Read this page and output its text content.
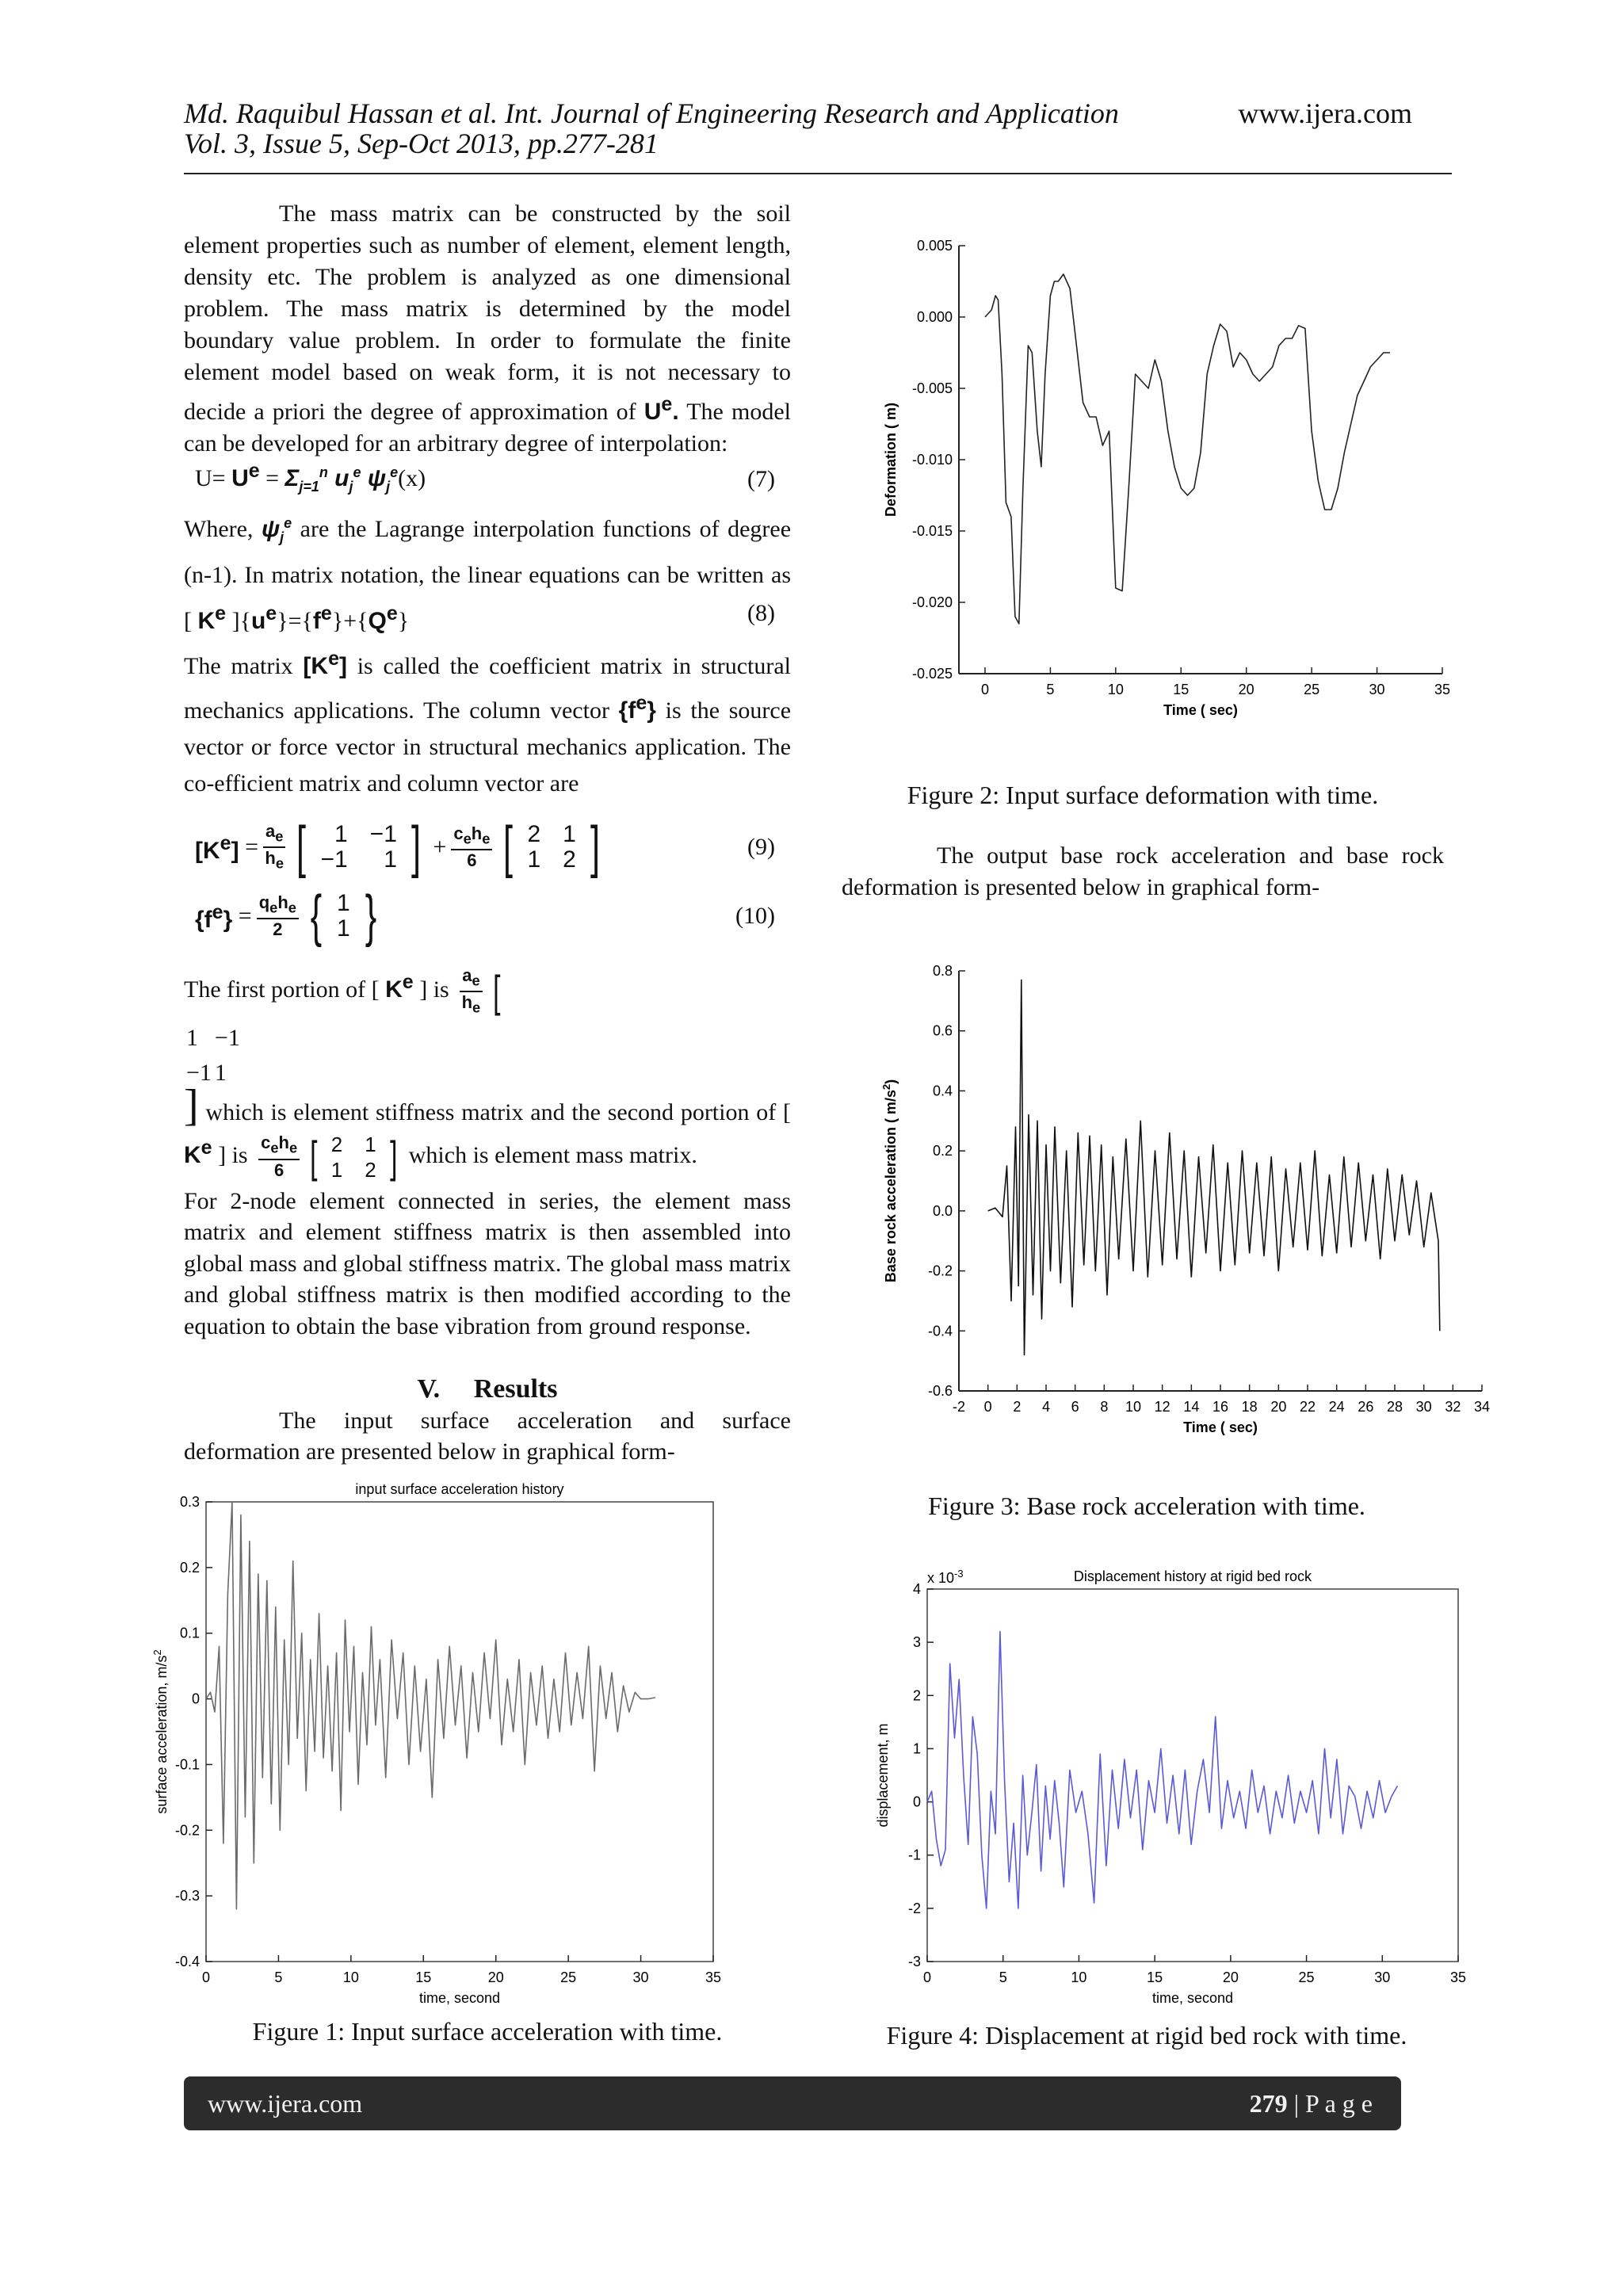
Md. Raquibul Hassan et al. Int. Journal of Engineering Research and Application	www.ijera.com
Vol. 3, Issue 5, Sep-Oct 2013, pp.277-281

The mass matrix can be constructed by the soil element properties such as number of element, element length, density etc. The problem is analyzed as one dimensional problem. The mass matrix is determined by the model boundary value problem. In order to formulate the finite element model based on weak form, it is not necessary to decide a priori the degree of approximation of $U^e$. The model can be developed for an arbitrary degree of interpolation:

$U= U^e = \Sigma_{j=1}^n$ $u_j^e$ $\psi_j^e(x)$	(7)

Where, $\psi_j^e$ are the Lagrange interpolation functions of degree (n-1). In matrix notation, the linear equations can be written as [ $K^e$ ]$\{u^e\}=\{f^e\}+\{Q^e\}$	(8)

The matrix $[K^e]$ is called the coefficient matrix in structural mechanics applications. The column vector $\{f^e\}$ is the source vector or force vector in structural mechanics application. The co-efficient matrix and column vector are

$[K^e] = \frac{a_e}{h_e}$ [ 1	−1
−1	1 ] + $\frac{c_eh_e}{6}$ [ 2	1
1	2 ]	(9)
$\{f^e\} = \frac{q_eh_e}{2}$ { 1
1 }	(10)

The first portion of [ $K^e$ ] is $\frac{a_e}{h_e}$ [

1	−1
−1	1
] which is element stiffness matrix and the second portion of [ $K^e$ ] is $\frac{c_eh_e}{6}$ [ 2	1
1	2 ] which is element mass matrix.

For 2-node element connected in series, the element mass matrix and element stiffness matrix is then assembled into global mass and global stiffness matrix. The global mass matrix and global stiffness matrix is then modified according to the equation to obtain the base vibration from ground response.

V. Results

The input surface acceleration and surface deformation are presented below in graphical form-

The output base rock acceleration and base rock deformation is presented below in graphical form-

0	5	10	15	20	25	30	35
0.3
0.2
0.1
0
-0.1
-0.2
-0.3
-0.4
input surface acceleration history
time, second
surface acceleration, $m/s^2$
Figure 1: Input surface acceleration with time.
0	5	10	15	20	25	30	35
0.005
0.000
-0.005
-0.010
-0.015
-0.020
-0.025
Time ( sec)
Deformation ( m)
Figure 2: Input surface deformation with time.
-2 0 2 4 6 8 10 12 14 16 18 20 22 24 26 28 30 32 34
0.8
0.6
0.4
0.2
0.0
-0.2
-0.4
-0.6
Time ( sec)
Base rock acceleration ( $m/s^2$)
Figure 3: Base rock acceleration with time.
0	5	10	15	20	25	30	35
4
3
2
1
0
-1
-2
-3
Displacement history at rigid bed rock
time, second
displacement, m
x $10^{-3}$
Figure 4: Displacement at rigid bed rock with time.
www.ijera.com	279 | P a g e
